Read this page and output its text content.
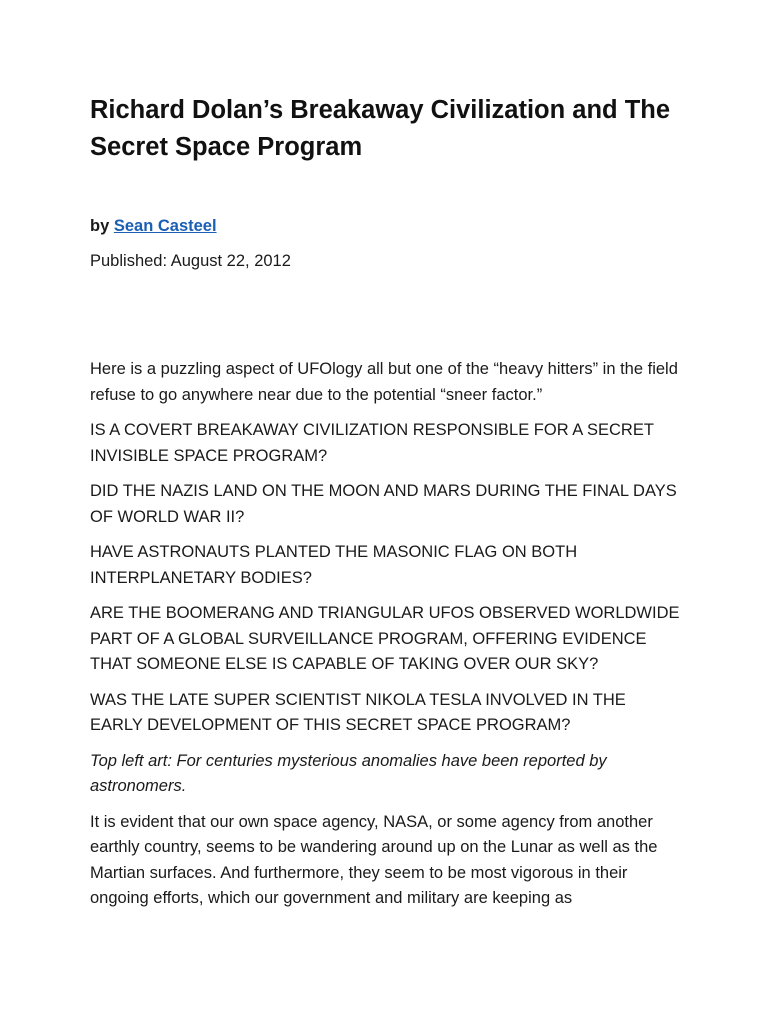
Richard Dolan’s Breakaway Civilization and The Secret Space Program

by Sean Casteel

Published: August 22, 2012

Here is a puzzling aspect of UFOlogy all but one of the “heavy hitters” in the field refuse to go anywhere near due to the potential “sneer factor.”

IS A COVERT BREAKAWAY CIVILIZATION RESPONSIBLE FOR A SECRET INVISIBLE SPACE PROGRAM?

DID THE NAZIS LAND ON THE MOON AND MARS DURING THE FINAL DAYS OF WORLD WAR II?

HAVE ASTRONAUTS PLANTED THE MASONIC FLAG ON BOTH INTERPLANETARY BODIES?

ARE THE BOOMERANG AND TRIANGULAR UFOS OBSERVED WORLDWIDE PART OF A GLOBAL SURVEILLANCE PROGRAM, OFFERING EVIDENCE THAT SOMEONE ELSE IS CAPABLE OF TAKING OVER OUR SKY?

WAS THE LATE SUPER SCIENTIST NIKOLA TESLA INVOLVED IN THE EARLY DEVELOPMENT OF THIS SECRET SPACE PROGRAM?

Top left art: For centuries mysterious anomalies have been reported by astronomers.

It is evident that our own space agency, NASA, or some agency from another earthly country, seems to be wandering around up on the Lunar as well as the Martian surfaces. And furthermore, they seem to be most vigorous in their ongoing efforts, which our government and military are keeping as
